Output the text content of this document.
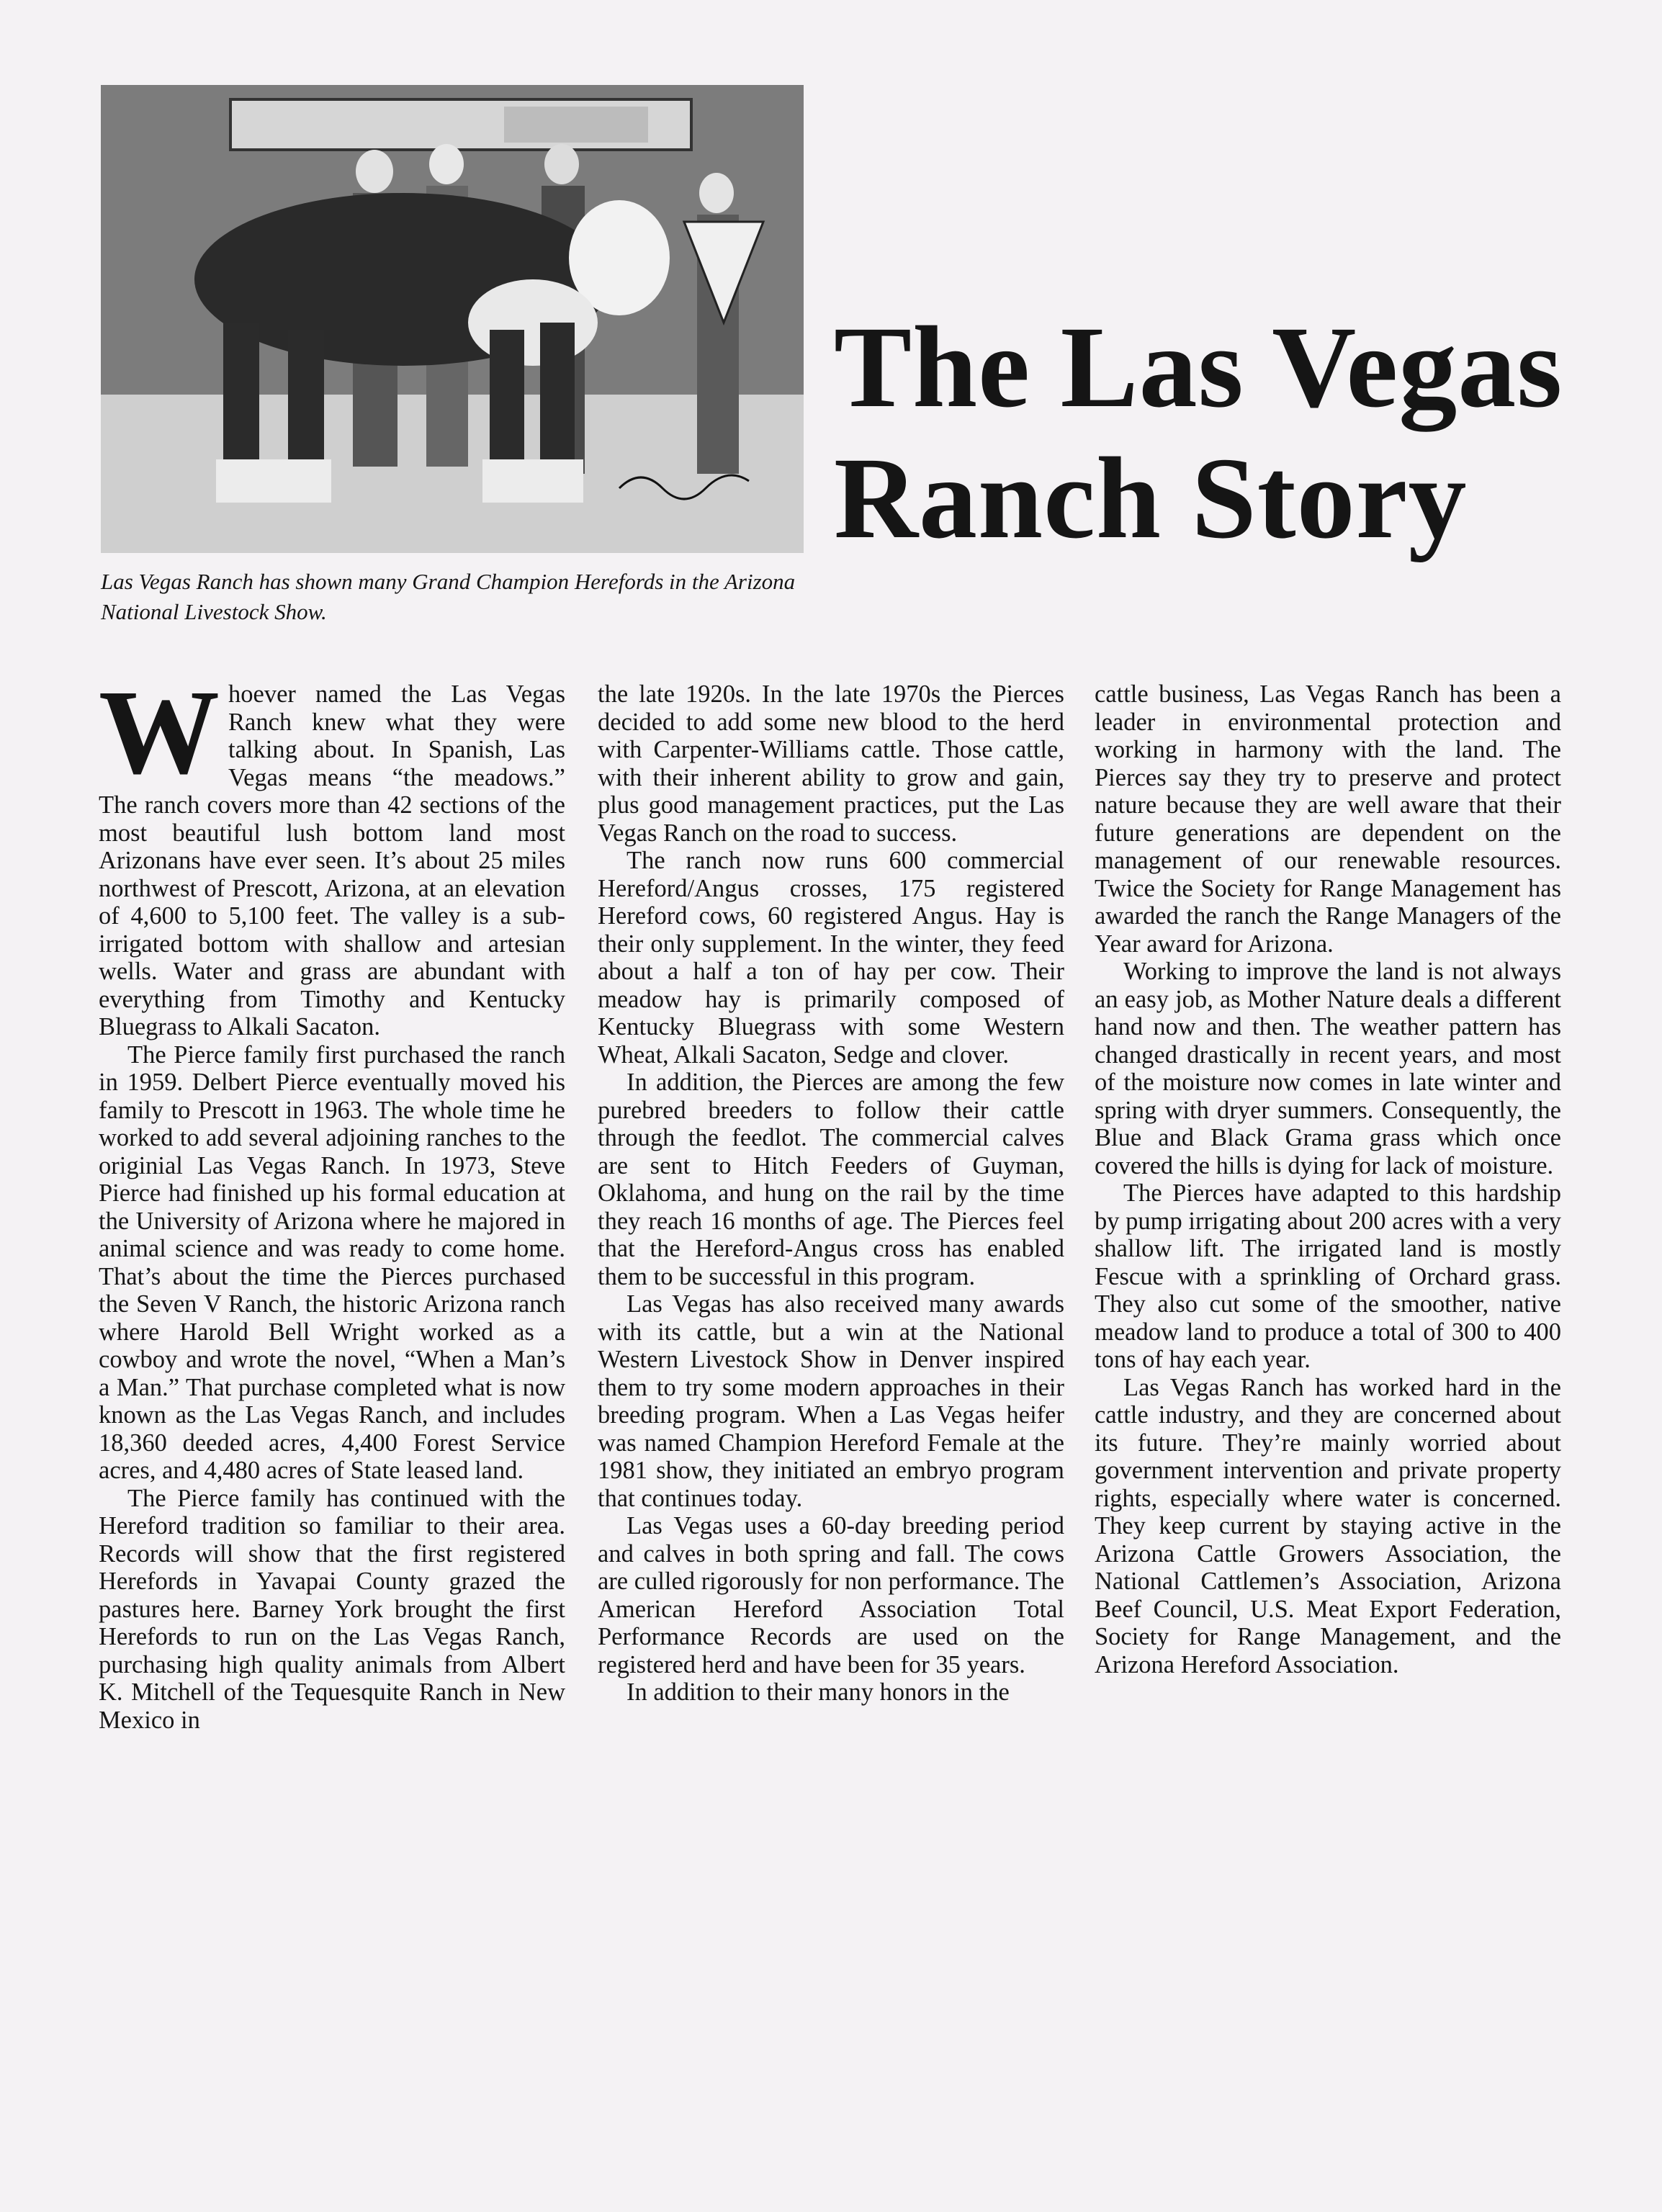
Las Vegas Ranch has shown many Grand Champion Herefords in the Arizona National Livestock Show.
The Las Vegas
Ranch Story

Whoever named the Las Vegas Ranch knew what they were talking about. In Spanish, Las Vegas means “the meadows.” The ranch covers more than 42 sections of the most beautiful lush bottom land most Arizonans have ever seen. It’s about 25 miles northwest of Prescott, Arizona, at an elevation of 4,600 to 5,100 feet. The valley is a sub-irrigated bottom with shallow and artesian wells. Water and grass are abundant with everything from Timothy and Kentucky Bluegrass to Alkali Sacaton.

The Pierce family first purchased the ranch in 1959. Delbert Pierce eventually moved his family to Prescott in 1963. The whole time he worked to add several adjoining ranches to the originial Las Vegas Ranch. In 1973, Steve Pierce had finished up his formal education at the University of Arizona where he majored in animal science and was ready to come home. That’s about the time the Pierces purchased the Seven V Ranch, the historic Arizona ranch where Harold Bell Wright worked as a cowboy and wrote the novel, “When a Man’s a Man.” That purchase completed what is now known as the Las Vegas Ranch, and includes 18,360 deeded acres, 4,400 Forest Service acres, and 4,480 acres of State leased land.

The Pierce family has continued with the Hereford tradition so familiar to their area. Records will show that the first registered Herefords in Yavapai County grazed the pastures here. Barney York brought the first Herefords to run on the Las Vegas Ranch, purchasing high quality animals from Albert K. Mitchell of the Tequesquite Ranch in New Mexico in

the late 1920s. In the late 1970s the Pierces decided to add some new blood to the herd with Carpenter-Williams cattle. Those cattle, with their inherent ability to grow and gain, plus good management practices, put the Las Vegas Ranch on the road to success.

The ranch now runs 600 commercial Hereford/Angus crosses, 175 registered Hereford cows, 60 registered Angus. Hay is their only supplement. In the winter, they feed about a half a ton of hay per cow. Their meadow hay is primarily composed of Kentucky Bluegrass with some Western Wheat, Alkali Sacaton, Sedge and clover.

In addition, the Pierces are among the few purebred breeders to follow their cattle through the feedlot. The commercial calves are sent to Hitch Feeders of Guyman, Oklahoma, and hung on the rail by the time they reach 16 months of age. The Pierces feel that the Hereford-Angus cross has enabled them to be successful in this program.

Las Vegas has also received many awards with its cattle, but a win at the National Western Livestock Show in Denver inspired them to try some modern approaches in their breeding program. When a Las Vegas heifer was named Champion Hereford Female at the 1981 show, they initiated an embryo program that continues today.

Las Vegas uses a 60-day breeding period and calves in both spring and fall. The cows are culled rigorously for non performance. The American Hereford Association Total Performance Records are used on the registered herd and have been for 35 years.

In addition to their many honors in the

cattle business, Las Vegas Ranch has been a leader in environmental protection and working in harmony with the land. The Pierces say they try to preserve and protect nature because they are well aware that their future generations are dependent on the management of our renewable resources. Twice the Society for Range Management has awarded the ranch the Range Managers of the Year award for Arizona.

Working to improve the land is not always an easy job, as Mother Nature deals a different hand now and then. The weather pattern has changed drastically in recent years, and most of the moisture now comes in late winter and spring with dryer summers. Consequently, the Blue and Black Grama grass which once covered the hills is dying for lack of moisture.

The Pierces have adapted to this hardship by pump irrigating about 200 acres with a very shallow lift. The irrigated land is mostly Fescue with a sprinkling of Orchard grass. They also cut some of the smoother, native meadow land to produce a total of 300 to 400 tons of hay each year.

Las Vegas Ranch has worked hard in the cattle industry, and they are concerned about its future. They’re mainly worried about government intervention and private property rights, especially where water is concerned. They keep current by staying active in the Arizona Cattle Growers Association, the National Cattlemen’s Association, Arizona Beef Council, U.S. Meat Export Federation, Society for Range Management, and the Arizona Hereford Association.
